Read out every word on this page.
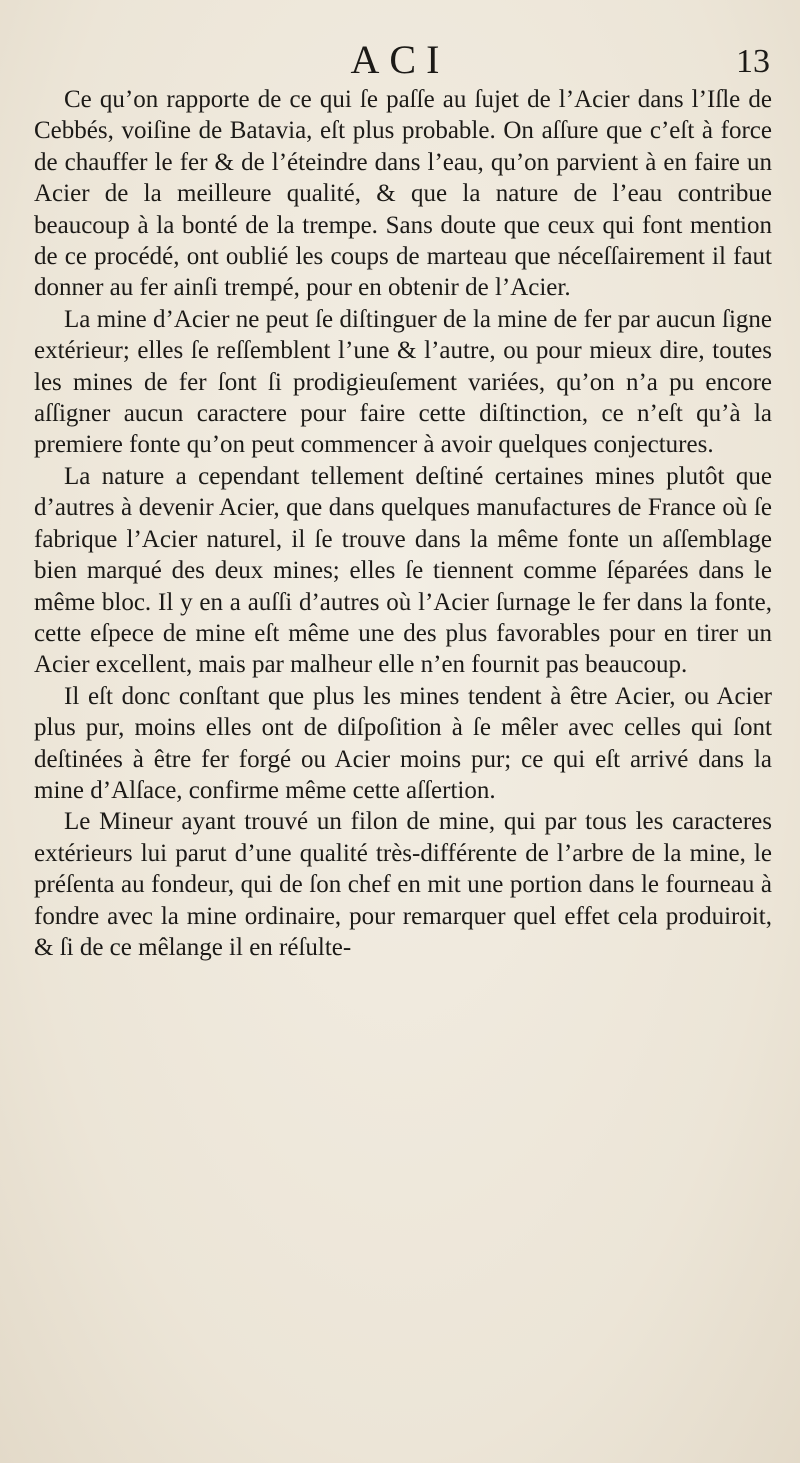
ACI	13

Ce qu’on rapporte de ce qui ſe paſſe au ſujet de l’Acier dans l’Iſle de Cebbés, voiſine de Batavia, eſt plus probable. On aſſure que c’eſt à force de chauffer le fer & de l’éteindre dans l’eau, qu’on parvient à en faire un Acier de la meilleure qualité, & que la nature de l’eau contribue beaucoup à la bonté de la trempe. Sans doute que ceux qui font mention de ce procédé, ont oublié les coups de marteau que néceſſairement il faut donner au fer ainſi trempé, pour en obtenir de l’Acier.

La mine d’Acier ne peut ſe diſtinguer de la mine de fer par aucun ſigne extérieur; elles ſe reſſemblent l’une & l’autre, ou pour mieux dire, toutes les mines de fer ſont ſi prodigieuſement variées, qu’on n’a pu encore aſſigner aucun caractere pour faire cette diſtinction, ce n’eſt qu’à la premiere fonte qu’on peut commencer à avoir quelques conjectures.

La nature a cependant tellement deſtiné certaines mines plutôt que d’autres à devenir Acier, que dans quelques manufactures de France où ſe fabrique l’Acier naturel, il ſe trouve dans la même fonte un aſſemblage bien marqué des deux mines; elles ſe tiennent comme ſéparées dans le même bloc. Il y en a auſſi d’autres où l’Acier ſurnage le fer dans la fonte, cette eſpece de mine eſt même une des plus favorables pour en tirer un Acier excellent, mais par malheur elle n’en fournit pas beaucoup.

Il eſt donc conſtant que plus les mines tendent à être Acier, ou Acier plus pur, moins elles ont de diſpoſition à ſe mêler avec celles qui ſont deſtinées à être fer forgé ou Acier moins pur; ce qui eſt arrivé dans la mine d’Alſace, confirme même cette aſſertion.

Le Mineur ayant trouvé un filon de mine, qui par tous les caracteres extérieurs lui parut d’une qualité très-différente de l’arbre de la mine, le préſenta au fondeur, qui de ſon chef en mit une portion dans le fourneau à fondre avec la mine ordinaire, pour remarquer quel effet cela produiroit, & ſi de ce mêlange il en réſulte-
